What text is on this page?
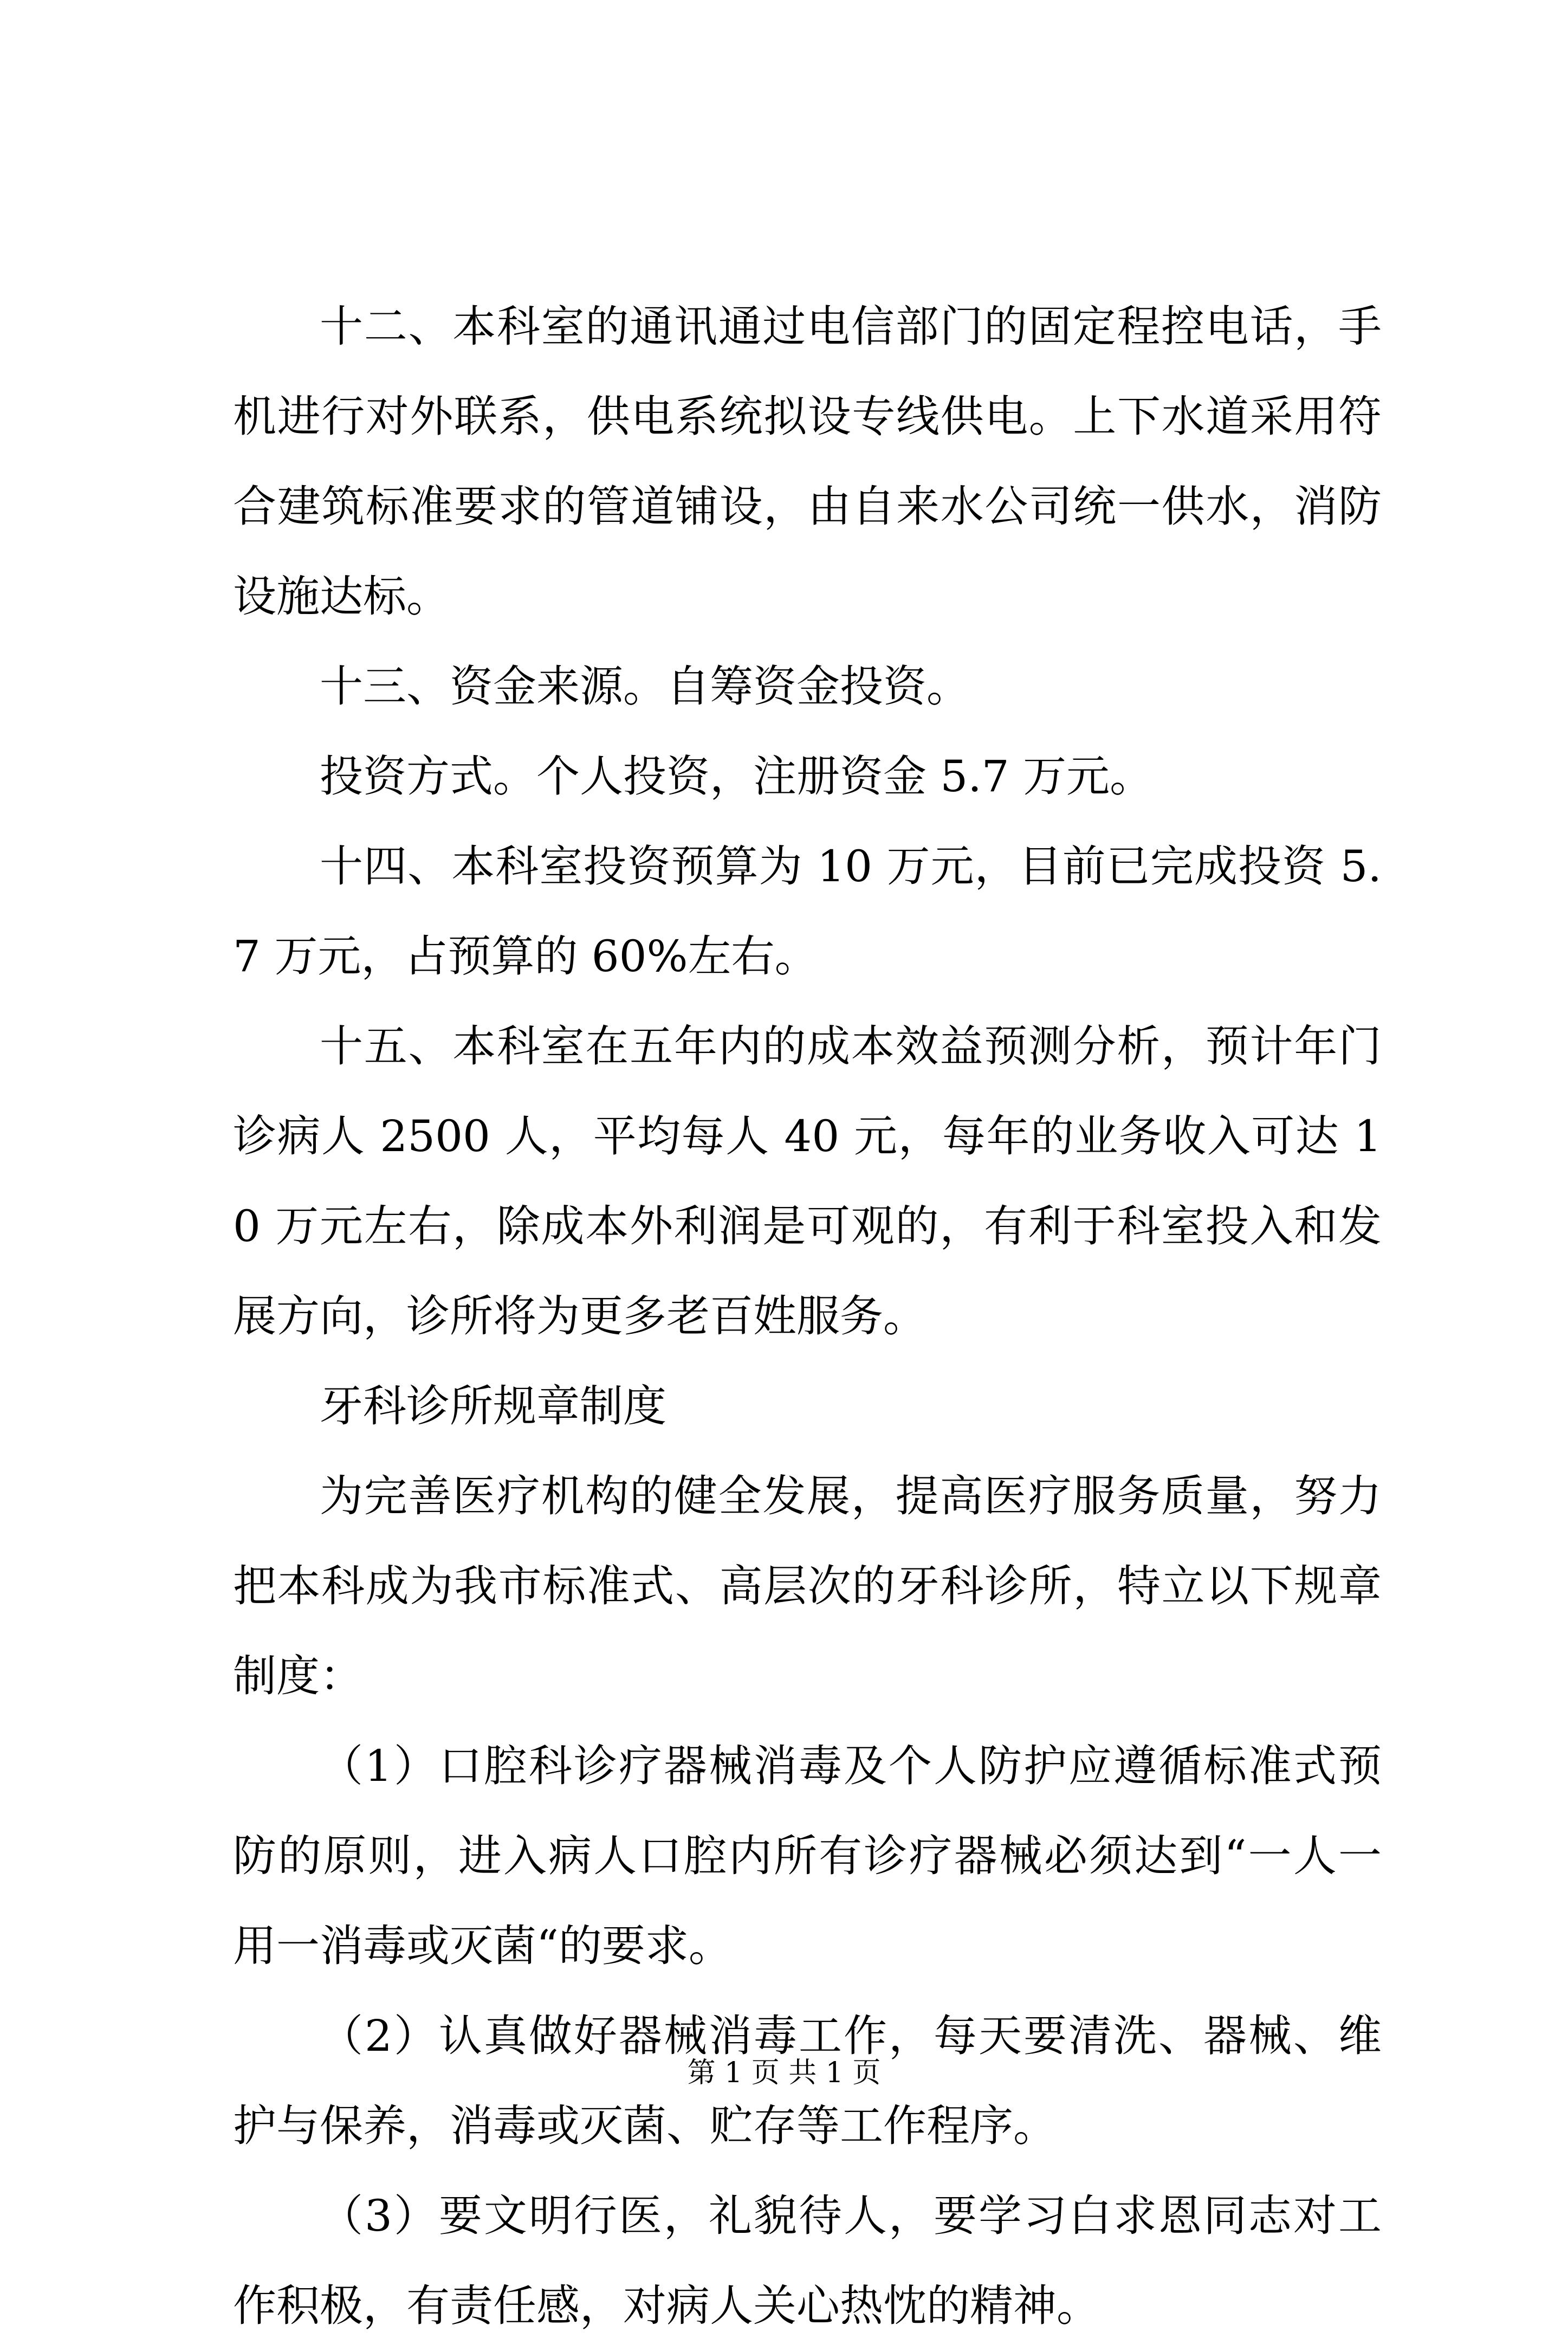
十二、本科室的通讯通过电信部门的固定程控电话，手机进行对外联系，供电系统拟设专线供电。上下水道采用符合建筑标准要求的管道铺设，由自来水公司统一供水，消防设施达标。

十三、资金来源。自筹资金投资。

投资方式。个人投资，注册资金 5.7 万元。

十四、本科室投资预算为 10 万元，目前已完成投资 5.7 万元，占预算的 60%左右。

十五、本科室在五年内的成本效益预测分析，预计年门诊病人 2500 人，平均每人 40 元，每年的业务收入可达 10 万元左右，除成本外利润是可观的，有利于科室投入和发展方向，诊所将为更多老百姓服务。

牙科诊所规章制度

为完善医疗机构的健全发展，提高医疗服务质量，努力把本科成为我市标准式、高层次的牙科诊所，特立以下规章制度：

（1）口腔科诊疗器械消毒及个人防护应遵循标准式预防的原则，进入病人口腔内所有诊疗器械必须达到“一人一用一消毒或灭菌“的要求。

（2）认真做好器械消毒工作，每天要清洗、器械、维护与保养，消毒或灭菌、贮存等工作程序。

（3）要文明行医，礼貌待人，要学习白求恩同志对工作积极，有责任感，对病人关心热忱的精神。

第 1 页 共 1 页
